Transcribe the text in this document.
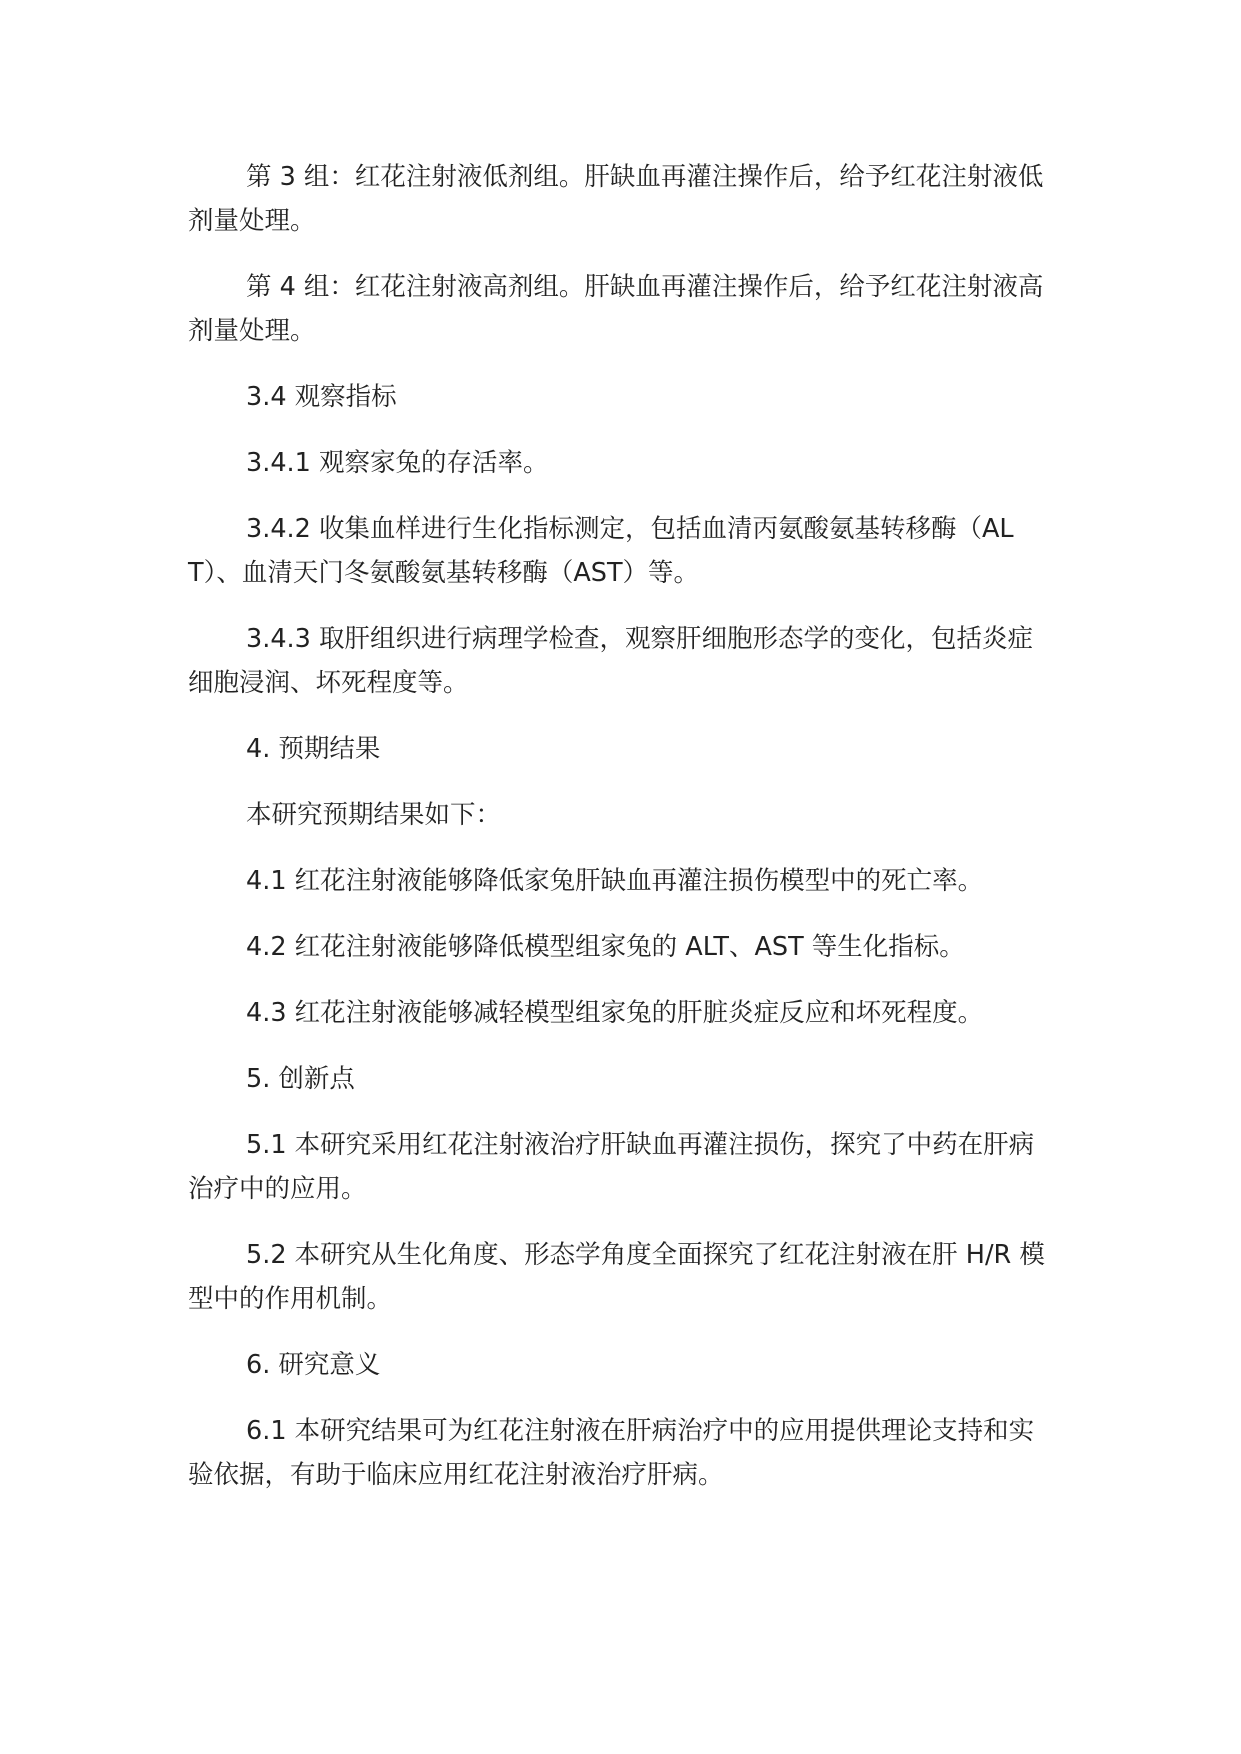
第 3 组：红花注射液低剂组。肝缺血再灌注操作后，给予红花注射液低剂量处理。

第 4 组：红花注射液高剂组。肝缺血再灌注操作后，给予红花注射液高剂量处理。

3.4 观察指标

3.4.1 观察家兔的存活率。

3.4.2 收集血样进行生化指标测定，包括血清丙氨酸氨基转移酶（ALT）、血清天门冬氨酸氨基转移酶（AST）等。

3.4.3 取肝组织进行病理学检查，观察肝细胞形态学的变化，包括炎症细胞浸润、坏死程度等。

4. 预期结果

本研究预期结果如下：

4.1 红花注射液能够降低家兔肝缺血再灌注损伤模型中的死亡率。

4.2 红花注射液能够降低模型组家兔的 ALT、AST 等生化指标。

4.3 红花注射液能够减轻模型组家兔的肝脏炎症反应和坏死程度。

5. 创新点

5.1 本研究采用红花注射液治疗肝缺血再灌注损伤，探究了中药在肝病治疗中的应用。

5.2 本研究从生化角度、形态学角度全面探究了红花注射液在肝 H/R 模型中的作用机制。

6. 研究意义

6.1 本研究结果可为红花注射液在肝病治疗中的应用提供理论支持和实验依据，有助于临床应用红花注射液治疗肝病。
